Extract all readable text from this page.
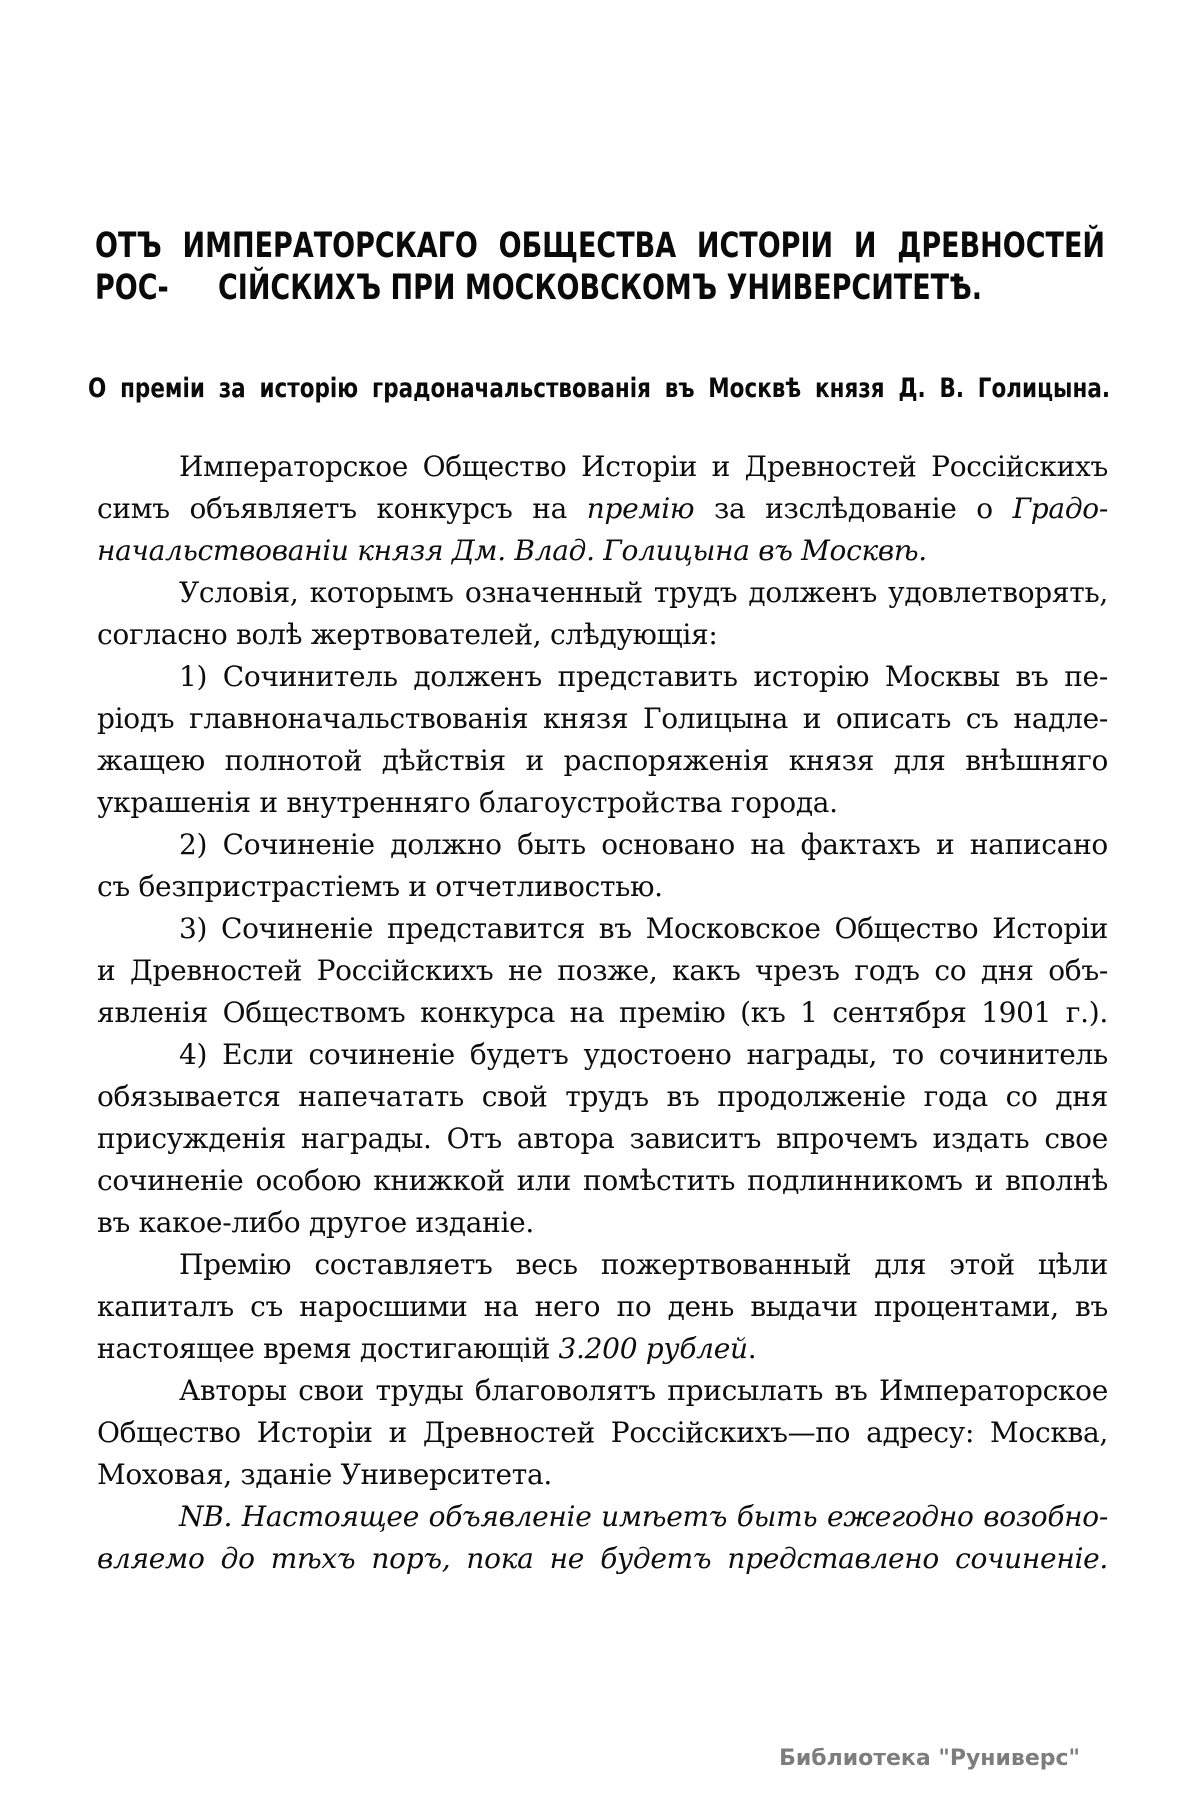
ОТЪ ИМПЕРАТОРСКАГО ОБЩЕСТВА ИСТОРІИ И ДРЕВНОСТЕЙ РОС-	СІЙСКИХЪ ПРИ МОСКОВСКОМЪ УНИВЕРСИТЕТѢ.
О преміи за исторію градоначальствованія въ Москвѣ князя Д. В. Голицына.
Императорское Общество Исторіи и Древностей Россійскихъ
симъ объявляетъ конкурсъ на премію за изслѣдованіе о Градо-
начальствованіи князя Дм. Влад. Голицына въ Москвѣ.
Условія, которымъ означенный трудъ долженъ удовлетворять,
согласно волѣ жертвователей, слѣдующія:
1) Сочинитель долженъ представить исторію Москвы въ пе-
ріодъ главноначальствованія князя Голицына и описать съ надле-
жащею полнотой дѣйствія и распоряженія князя для внѣшняго
украшенія и внутренняго благоустройства города.
2) Сочиненіе должно быть основано на фактахъ и написано
съ безпристрастіемъ и отчетливостью.
3) Сочиненіе представится въ Московское Общество Исторіи
и Древностей Россійскихъ не позже, какъ чрезъ годъ со дня объ-
явленія Обществомъ конкурса на премію (къ 1 сентября 1901 г.).
4) Если сочиненіе будетъ удостоено награды, то сочинитель
обязывается напечатать свой трудъ въ продолженіе года со дня
присужденія награды. Отъ автора зависитъ впрочемъ издать свое
сочиненіе особою книжкой или помѣстить подлинникомъ и вполнѣ
въ какое-либо другое изданіе.
Премію составляетъ весь пожертвованный для этой цѣли
капиталъ съ наросшими на него по день выдачи процентами, въ
настоящее время достигающій 3.200 рублей.
Авторы свои труды благоволятъ присылать въ Императорское
Общество Исторіи и Древностей Россійскихъ—по адресу: Москва,
Моховая, зданіе Университета.
NB. Настоящее объявленіе имѣетъ быть ежегодно возобно-
вляемо до тѣхъ поръ, пока не будетъ представлено сочиненіе.
Библиотека "Руниверс"
